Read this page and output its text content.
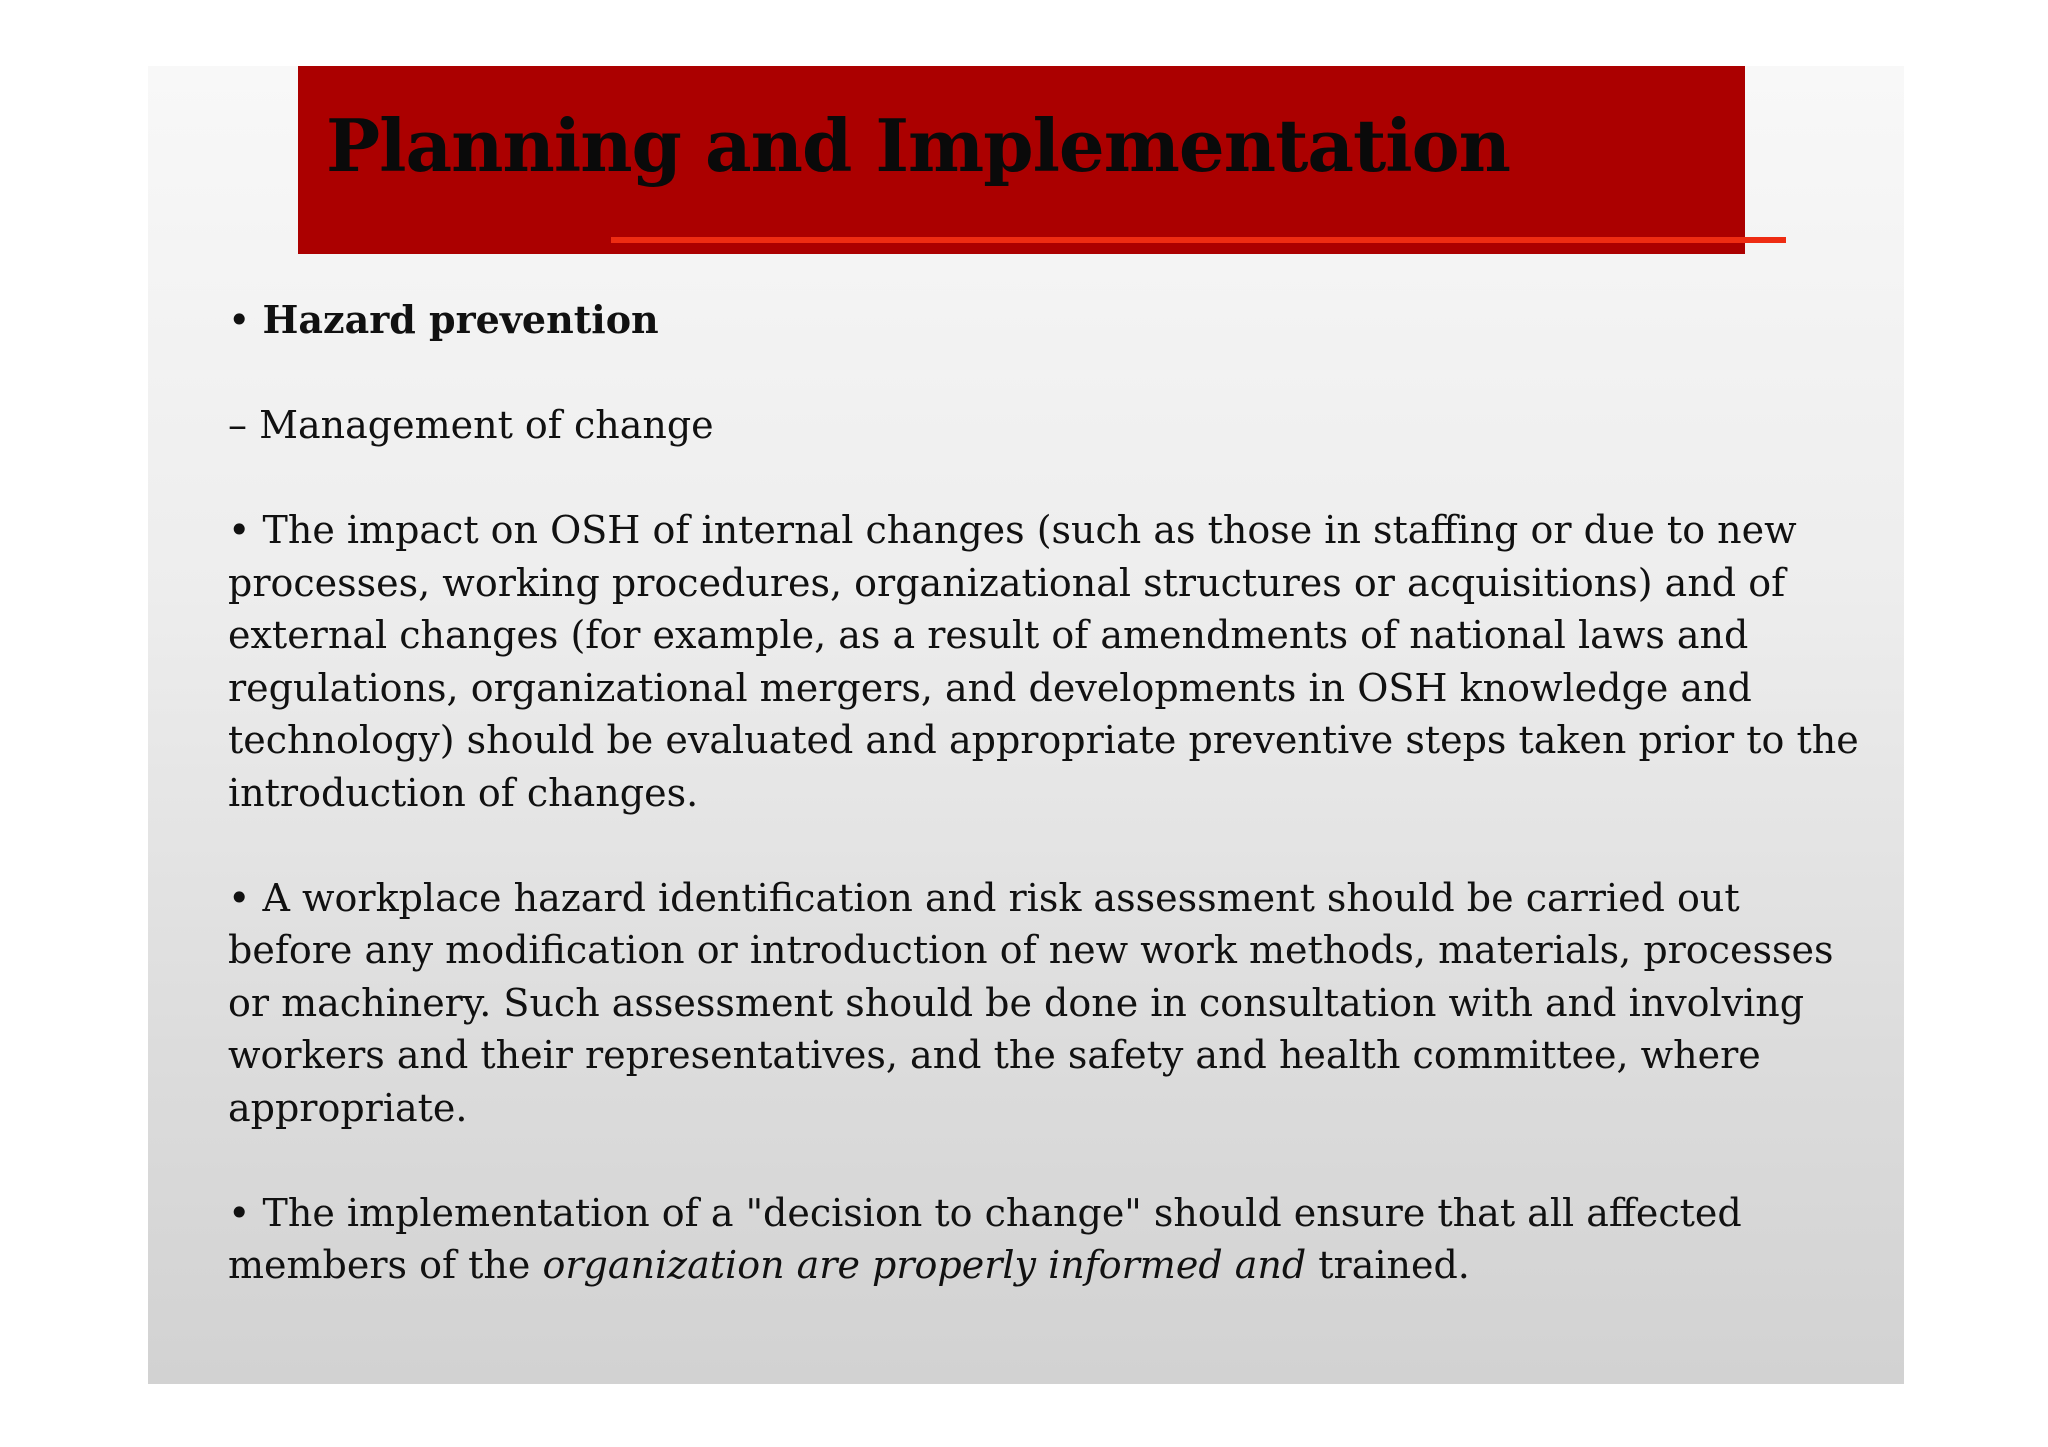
Planning and Implementation

• Hazard prevention

– Management of change

• The impact on OSH of internal changes (such as those in staffing or due to new processes, working procedures, organizational structures or acquisitions) and of external changes (for example, as a result of amendments of national laws and regulations, organizational mergers, and developments in OSH knowledge and technology) should be evaluated and appropriate preventive steps taken prior to the introduction of changes.

• A workplace hazard identification and risk assessment should be carried out before any modification or introduction of new work methods, materials, processes or machinery. Such assessment should be done in consultation with and involving workers and their representatives, and the safety and health committee, where appropriate.

• The implementation of a "decision to change" should ensure that all affected members of the organization are properly informed and trained.
